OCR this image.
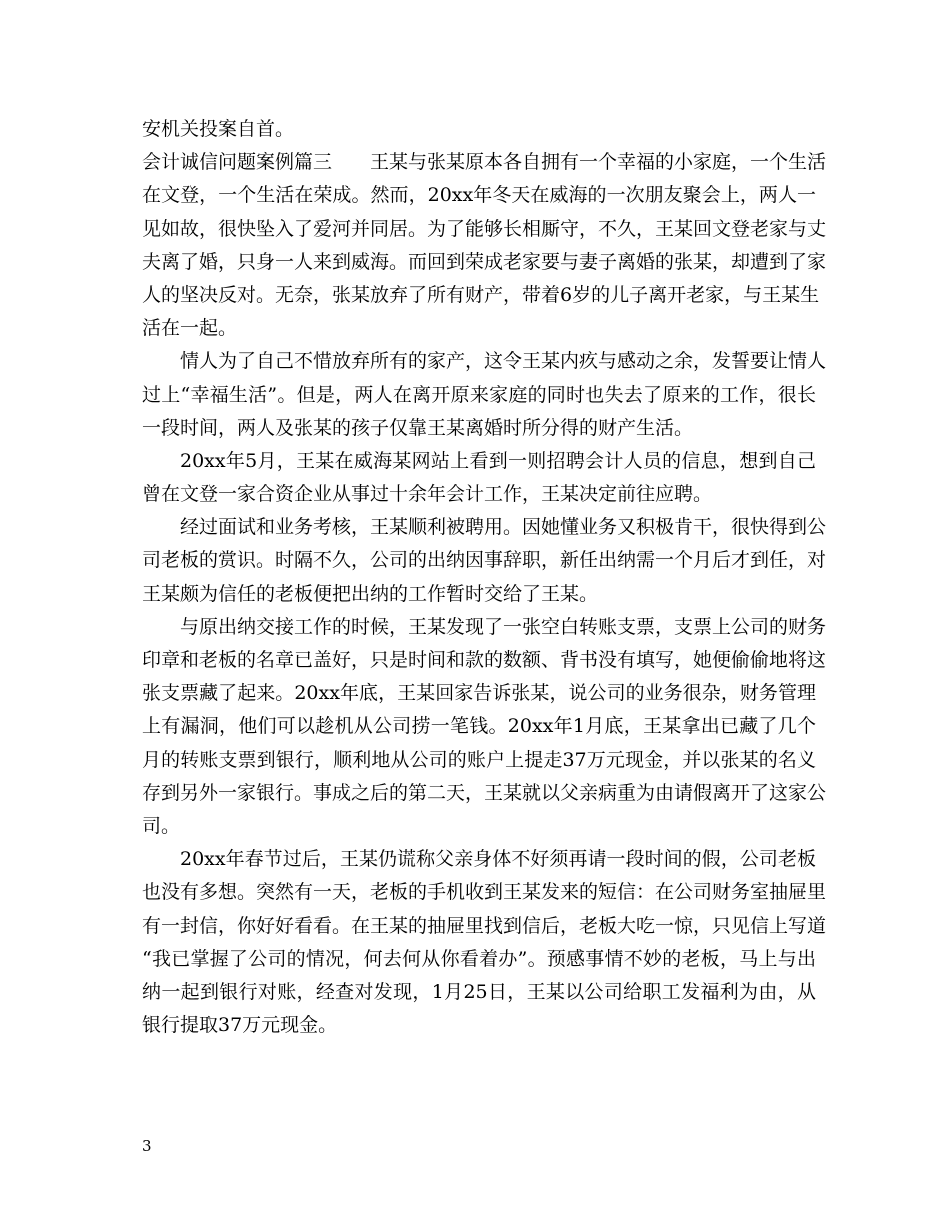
安机关投案自首。
会计诚信问题案例篇三　　王某与张某原本各自拥有一个幸福的小家庭，一个生活
在文登，一个生活在荣成。然而，20xx年冬天在威海的一次朋友聚会上，两人一
见如故，很快坠入了爱河并同居。为了能够长相厮守，不久，王某回文登老家与丈
夫离了婚，只身一人来到威海。而回到荣成老家要与妻子离婚的张某，却遭到了家
人的坚决反对。无奈，张某放弃了所有财产，带着6岁的儿子离开老家，与王某生
活在一起。
情人为了自己不惜放弃所有的家产，这令王某内疚与感动之余，发誓要让情人
过上“幸福生活”。但是，两人在离开原来家庭的同时也失去了原来的工作，很长
一段时间，两人及张某的孩子仅靠王某离婚时所分得的财产生活。
20xx年5月，王某在威海某网站上看到一则招聘会计人员的信息，想到自己
曾在文登一家合资企业从事过十余年会计工作，王某决定前往应聘。
经过面试和业务考核，王某顺利被聘用。因她懂业务又积极肯干，很快得到公
司老板的赏识。时隔不久，公司的出纳因事辞职，新任出纳需一个月后才到任，对
王某颇为信任的老板便把出纳的工作暂时交给了王某。
与原出纳交接工作的时候，王某发现了一张空白转账支票，支票上公司的财务
印章和老板的名章已盖好，只是时间和款的数额、背书没有填写，她便偷偷地将这
张支票藏了起来。20xx年底，王某回家告诉张某，说公司的业务很杂，财务管理
上有漏洞，他们可以趁机从公司捞一笔钱。20xx年1月底，王某拿出已藏了几个
月的转账支票到银行，顺利地从公司的账户上提走37万元现金，并以张某的名义
存到另外一家银行。事成之后的第二天，王某就以父亲病重为由请假离开了这家公
司。
20xx年春节过后，王某仍谎称父亲身体不好须再请一段时间的假，公司老板
也没有多想。突然有一天，老板的手机收到王某发来的短信：在公司财务室抽屉里
有一封信，你好好看看。在王某的抽屉里找到信后，老板大吃一惊，只见信上写道
“我已掌握了公司的情况，何去何从你看着办”。预感事情不妙的老板，马上与出
纳一起到银行对账，经查对发现，1月25日，王某以公司给职工发福利为由，从
银行提取37万元现金。
3
